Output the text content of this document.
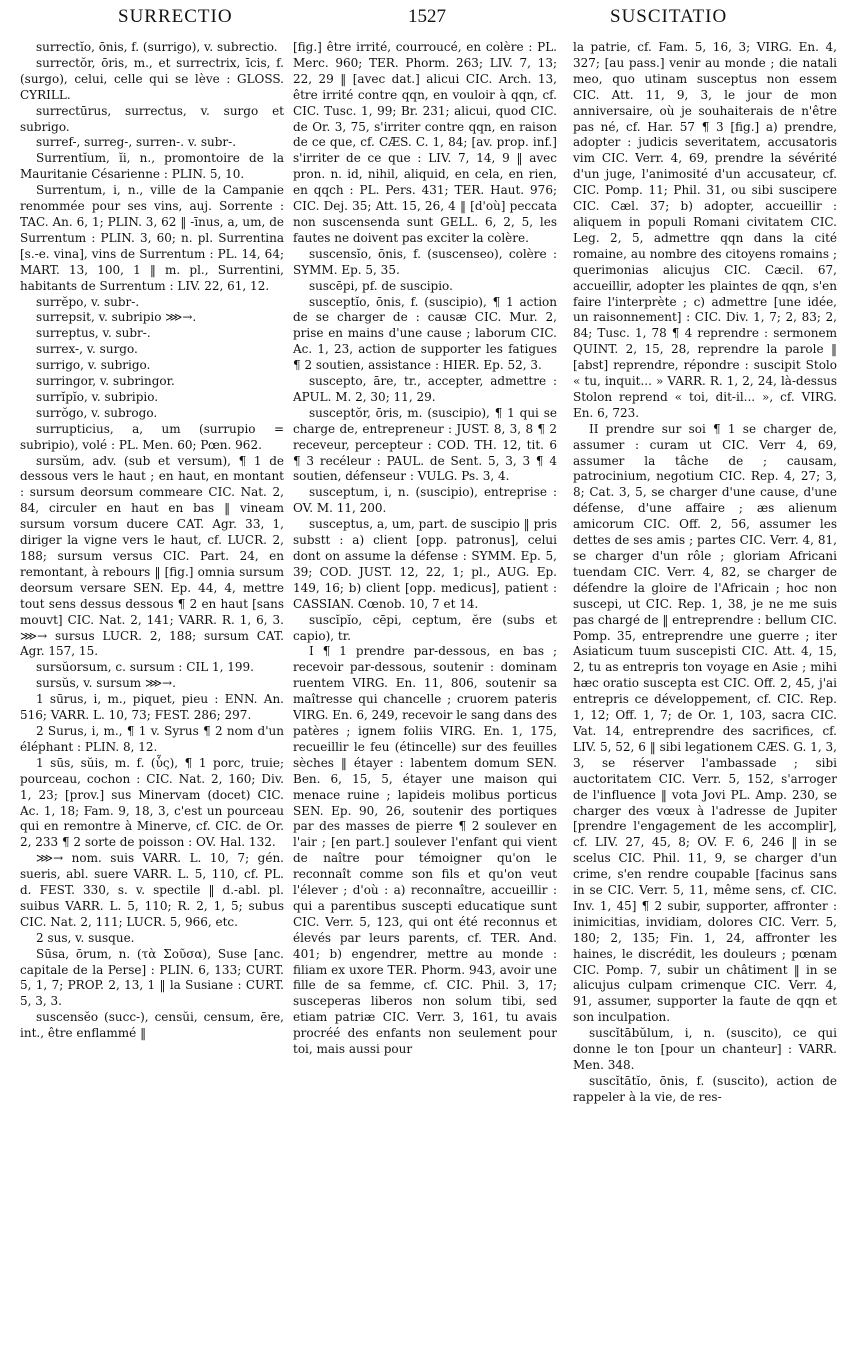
SURRECTIO	1527	SUSCITATIO

surrectĭo, ōnis, f. (surrigo), v. subrectio.

surrectŏr, ōris, m., et surrectrix, īcis, f. (surgo), celui, celle qui se lève : GLOSS. CYRILL.

surrectūrus, surrectus, v. surgo et subrigo.

surref-, surreg-, surren-. v. subr-.

Surrentĭum, ĭi, n., promontoire de la Mauritanie Césarienne : PLIN. 5, 10.

Surrentum, i, n., ville de la Campanie renommée pour ses vins, auj. Sorrente : TAC. An. 6, 1; PLIN. 3, 62 ‖ -īnus, a, um, de Surrentum : PLIN. 3, 60; n. pl. Surrentina [s.-e. vina], vins de Surrentum : PL. 14, 64; MART. 13, 100, 1 ‖ m. pl., Surrentini, habitants de Surrentum : LIV. 22, 61, 12.

surrĕpo, v. subr-.

surrepsit, v. subripio ⋙→.

surreptus, v. subr-.

surrex-, v. surgo.

surrigo, v. subrigo.

surringor, v. subringor.

surrĭpĭo, v. subripio.

surrŏgo, v. subrogo.

surrupticius, a, um (surrupio = subripio), volé : PL. Men. 60; Pœn. 962.

sursŭm, adv. (sub et versum), ¶ 1 de dessous vers le haut ; en haut, en montant : sursum deorsum commeare CIC. Nat. 2, 84, circuler en haut en bas ‖ vineam sursum vorsum ducere CAT. Agr. 33, 1, diriger la vigne vers le haut, cf. LUCR. 2, 188; sursum versus CIC. Part. 24, en remontant, à rebours ‖ [fig.] omnia sursum deorsum versare SEN. Ep. 44, 4, mettre tout sens dessus dessous ¶ 2 en haut [sans mouvt] CIC. Nat. 2, 141; VARR. R. 1, 6, 3. ⋙→ sursus LUCR. 2, 188; sursum CAT. Agr. 157, 15.

sursŭorsum, c. sursum : CIL 1, 199.

sursŭs, v. sursum ⋙→.

1 sūrus, i, m., piquet, pieu : ENN. An. 516; VARR. L. 10, 73; FEST. 286; 297.

2 Surus, i, m., ¶ 1 v. Syrus ¶ 2 nom d'un éléphant : PLIN. 8, 12.

1 sūs, sŭis, m. f. (ὗς), ¶ 1 porc, truie; pourceau, cochon : CIC. Nat. 2, 160; Div. 1, 23; [prov.] sus Minervam (docet) CIC. Ac. 1, 18; Fam. 9, 18, 3, c'est un pourceau qui en remontre à Minerve, cf. CIC. de Or. 2, 233 ¶ 2 sorte de poisson : OV. Hal. 132.

⋙→ nom. suis VARR. L. 10, 7; gén. sueris, abl. suere VARR. L. 5, 110, cf. PL. d. FEST. 330, s. v. spectile ‖ d.-abl. pl. suibus VARR. L. 5, 110; R. 2, 1, 5; subus CIC. Nat. 2, 111; LUCR. 5, 966, etc.

2 sus, v. susque.

Sūsa, ōrum, n. (τὰ Σοῦσα), Suse [anc. capitale de la Perse] : PLIN. 6, 133; CURT. 5, 1, 7; PROP. 2, 13, 1 ‖ la Susiane : CURT. 5, 3, 3.

suscensĕo (succ-), censŭi, censum, ēre, int., être enflammé ‖

[fig.] être irrité, courroucé, en colère : PL. Merc. 960; TER. Phorm. 263; LIV. 7, 13; 22, 29 ‖ [avec dat.] alicui CIC. Arch. 13, être irrité contre qqn, en vouloir à qqn, cf. CIC. Tusc. 1, 99; Br. 231; alicui, quod CIC. de Or. 3, 75, s'irriter contre qqn, en raison de ce que, cf. CÆS. C. 1, 84; [av. prop. inf.] s'irriter de ce que : LIV. 7, 14, 9 ‖ avec pron. n. id, nihil, aliquid, en cela, en rien, en qqch : PL. Pers. 431; TER. Haut. 976; CIC. Dej. 35; Att. 15, 26, 4 ‖ [d'où] peccata non suscensenda sunt GELL. 6, 2, 5, les fautes ne doivent pas exciter la colère.

suscensĭo, ōnis, f. (suscenseo), colère : SYMM. Ep. 5, 35.

suscēpi, pf. de suscipio.

susceptĭo, ōnis, f. (suscipio), ¶ 1 action de se charger de : causæ CIC. Mur. 2, prise en mains d'une cause ; laborum CIC. Ac. 1, 23, action de supporter les fatigues ¶ 2 soutien, assistance : HIER. Ep. 52, 3.

suscepto, āre, tr., accepter, admettre : APUL. M. 2, 30; 11, 29.

susceptŏr, ōris, m. (suscipio), ¶ 1 qui se charge de, entrepreneur : JUST. 8, 3, 8 ¶ 2 receveur, percepteur : COD. TH. 12, tit. 6 ¶ 3 recéleur : PAUL. de Sent. 5, 3, 3 ¶ 4 soutien, défenseur : VULG. Ps. 3, 4.

susceptum, i, n. (suscipio), entreprise : OV. M. 11, 200.

susceptus, a, um, part. de suscipio ‖ pris substt : a) client [opp. patronus], celui dont on assume la défense : SYMM. Ep. 5, 39; COD. JUST. 12, 22, 1; pl., AUG. Ep. 149, 16; b) client [opp. medicus], patient : CASSIAN. Cœnob. 10, 7 et 14.

suscĭpĭo, cēpi, ceptum, ĕre (subs et capio), tr.

I ¶ 1 prendre par-dessous, en bas ; recevoir par-dessous, soutenir : dominam ruentem VIRG. En. 11, 806, soutenir sa maîtresse qui chancelle ; cruorem pateris VIRG. En. 6, 249, recevoir le sang dans des patères ; ignem foliis VIRG. En. 1, 175, recueillir le feu (étincelle) sur des feuilles sèches ‖ étayer : labentem domum SEN. Ben. 6, 15, 5, étayer une maison qui menace ruine ; lapideis molibus porticus SEN. Ep. 90, 26, soutenir des portiques par des masses de pierre ¶ 2 soulever en l'air ; [en part.] soulever l'enfant qui vient de naître pour témoigner qu'on le reconnaît comme son fils et qu'on veut l'élever ; d'où : a) reconnaître, accueillir : qui a parentibus suscepti educatique sunt CIC. Verr. 5, 123, qui ont été reconnus et élevés par leurs parents, cf. TER. And. 401; b) engendrer, mettre au monde : filiam ex uxore TER. Phorm. 943, avoir une fille de sa femme, cf. CIC. Phil. 3, 17; susceperas liberos non solum tibi, sed etiam patriæ CIC. Verr. 3, 161, tu avais procréé des enfants non seulement pour toi, mais aussi pour

la patrie, cf. Fam. 5, 16, 3; VIRG. En. 4, 327; [au pass.] venir au monde ; die natali meo, quo utinam susceptus non essem CIC. Att. 11, 9, 3, le jour de mon anniversaire, où je souhaiterais de n'être pas né, cf. Har. 57 ¶ 3 [fig.] a) prendre, adopter : judicis severitatem, accusatoris vim CIC. Verr. 4, 69, prendre la sévérité d'un juge, l'animosité d'un accusateur, cf. CIC. Pomp. 11; Phil. 31, ou sibi suscipere CIC. Cæl. 37; b) adopter, accueillir : aliquem in populi Romani civitatem CIC. Leg. 2, 5, admettre qqn dans la cité romaine, au nombre des citoyens romains ; querimonias alicujus CIC. Cæcil. 67, accueillir, adopter les plaintes de qqn, s'en faire l'interprète ; c) admettre [une idée, un raisonnement] : CIC. Div. 1, 7; 2, 83; 2, 84; Tusc. 1, 78 ¶ 4 reprendre : sermonem QUINT. 2, 15, 28, reprendre la parole ‖ [abst] reprendre, répondre : suscipit Stolo « tu, inquit... » VARR. R. 1, 2, 24, là-dessus Stolon reprend « toi, dit-il... », cf. VIRG. En. 6, 723.

II prendre sur soi ¶ 1 se charger de, assumer : curam ut CIC. Verr 4, 69, assumer la tâche de ; causam, patrocinium, negotium CIC. Rep. 4, 27; 3, 8; Cat. 3, 5, se charger d'une cause, d'une défense, d'une affaire ; æs alienum amicorum CIC. Off. 2, 56, assumer les dettes de ses amis ; partes CIC. Verr. 4, 81, se charger d'un rôle ; gloriam Africani tuendam CIC. Verr. 4, 82, se charger de défendre la gloire de l'Africain ; hoc non suscepi, ut CIC. Rep. 1, 38, je ne me suis pas chargé de ‖ entreprendre : bellum CIC. Pomp. 35, entreprendre une guerre ; iter Asiaticum tuum suscepisti CIC. Att. 4, 15, 2, tu as entrepris ton voyage en Asie ; mihi hæc oratio suscepta est CIC. Off. 2, 45, j'ai entrepris ce développement, cf. CIC. Rep. 1, 12; Off. 1, 7; de Or. 1, 103, sacra CIC. Vat. 14, entreprendre des sacrifices, cf. LIV. 5, 52, 6 ‖ sibi legationem CÆS. G. 1, 3, 3, se réserver l'ambassade ; sibi auctoritatem CIC. Verr. 5, 152, s'arroger de l'influence ‖ vota Jovi PL. Amp. 230, se charger des vœux à l'adresse de Jupiter [prendre l'engagement de les accomplir], cf. LIV. 27, 45, 8; OV. F. 6, 246 ‖ in se scelus CIC. Phil. 11, 9, se charger d'un crime, s'en rendre coupable [facinus sans in se CIC. Verr. 5, 11, même sens, cf. CIC. Inv. 1, 45] ¶ 2 subir, supporter, affronter : inimicitias, invidiam, dolores CIC. Verr. 5, 180; 2, 135; Fin. 1, 24, affronter les haines, le discrédit, les douleurs ; pœnam CIC. Pomp. 7, subir un châtiment ‖ in se alicujus culpam crimenque CIC. Verr. 4, 91, assumer, supporter la faute de qqn et son inculpation.

suscĭtābŭlum, i, n. (suscito), ce qui donne le ton [pour un chanteur] : VARR. Men. 348.

suscĭtātĭo, ōnis, f. (suscito), action de rappeler à la vie, de res-
